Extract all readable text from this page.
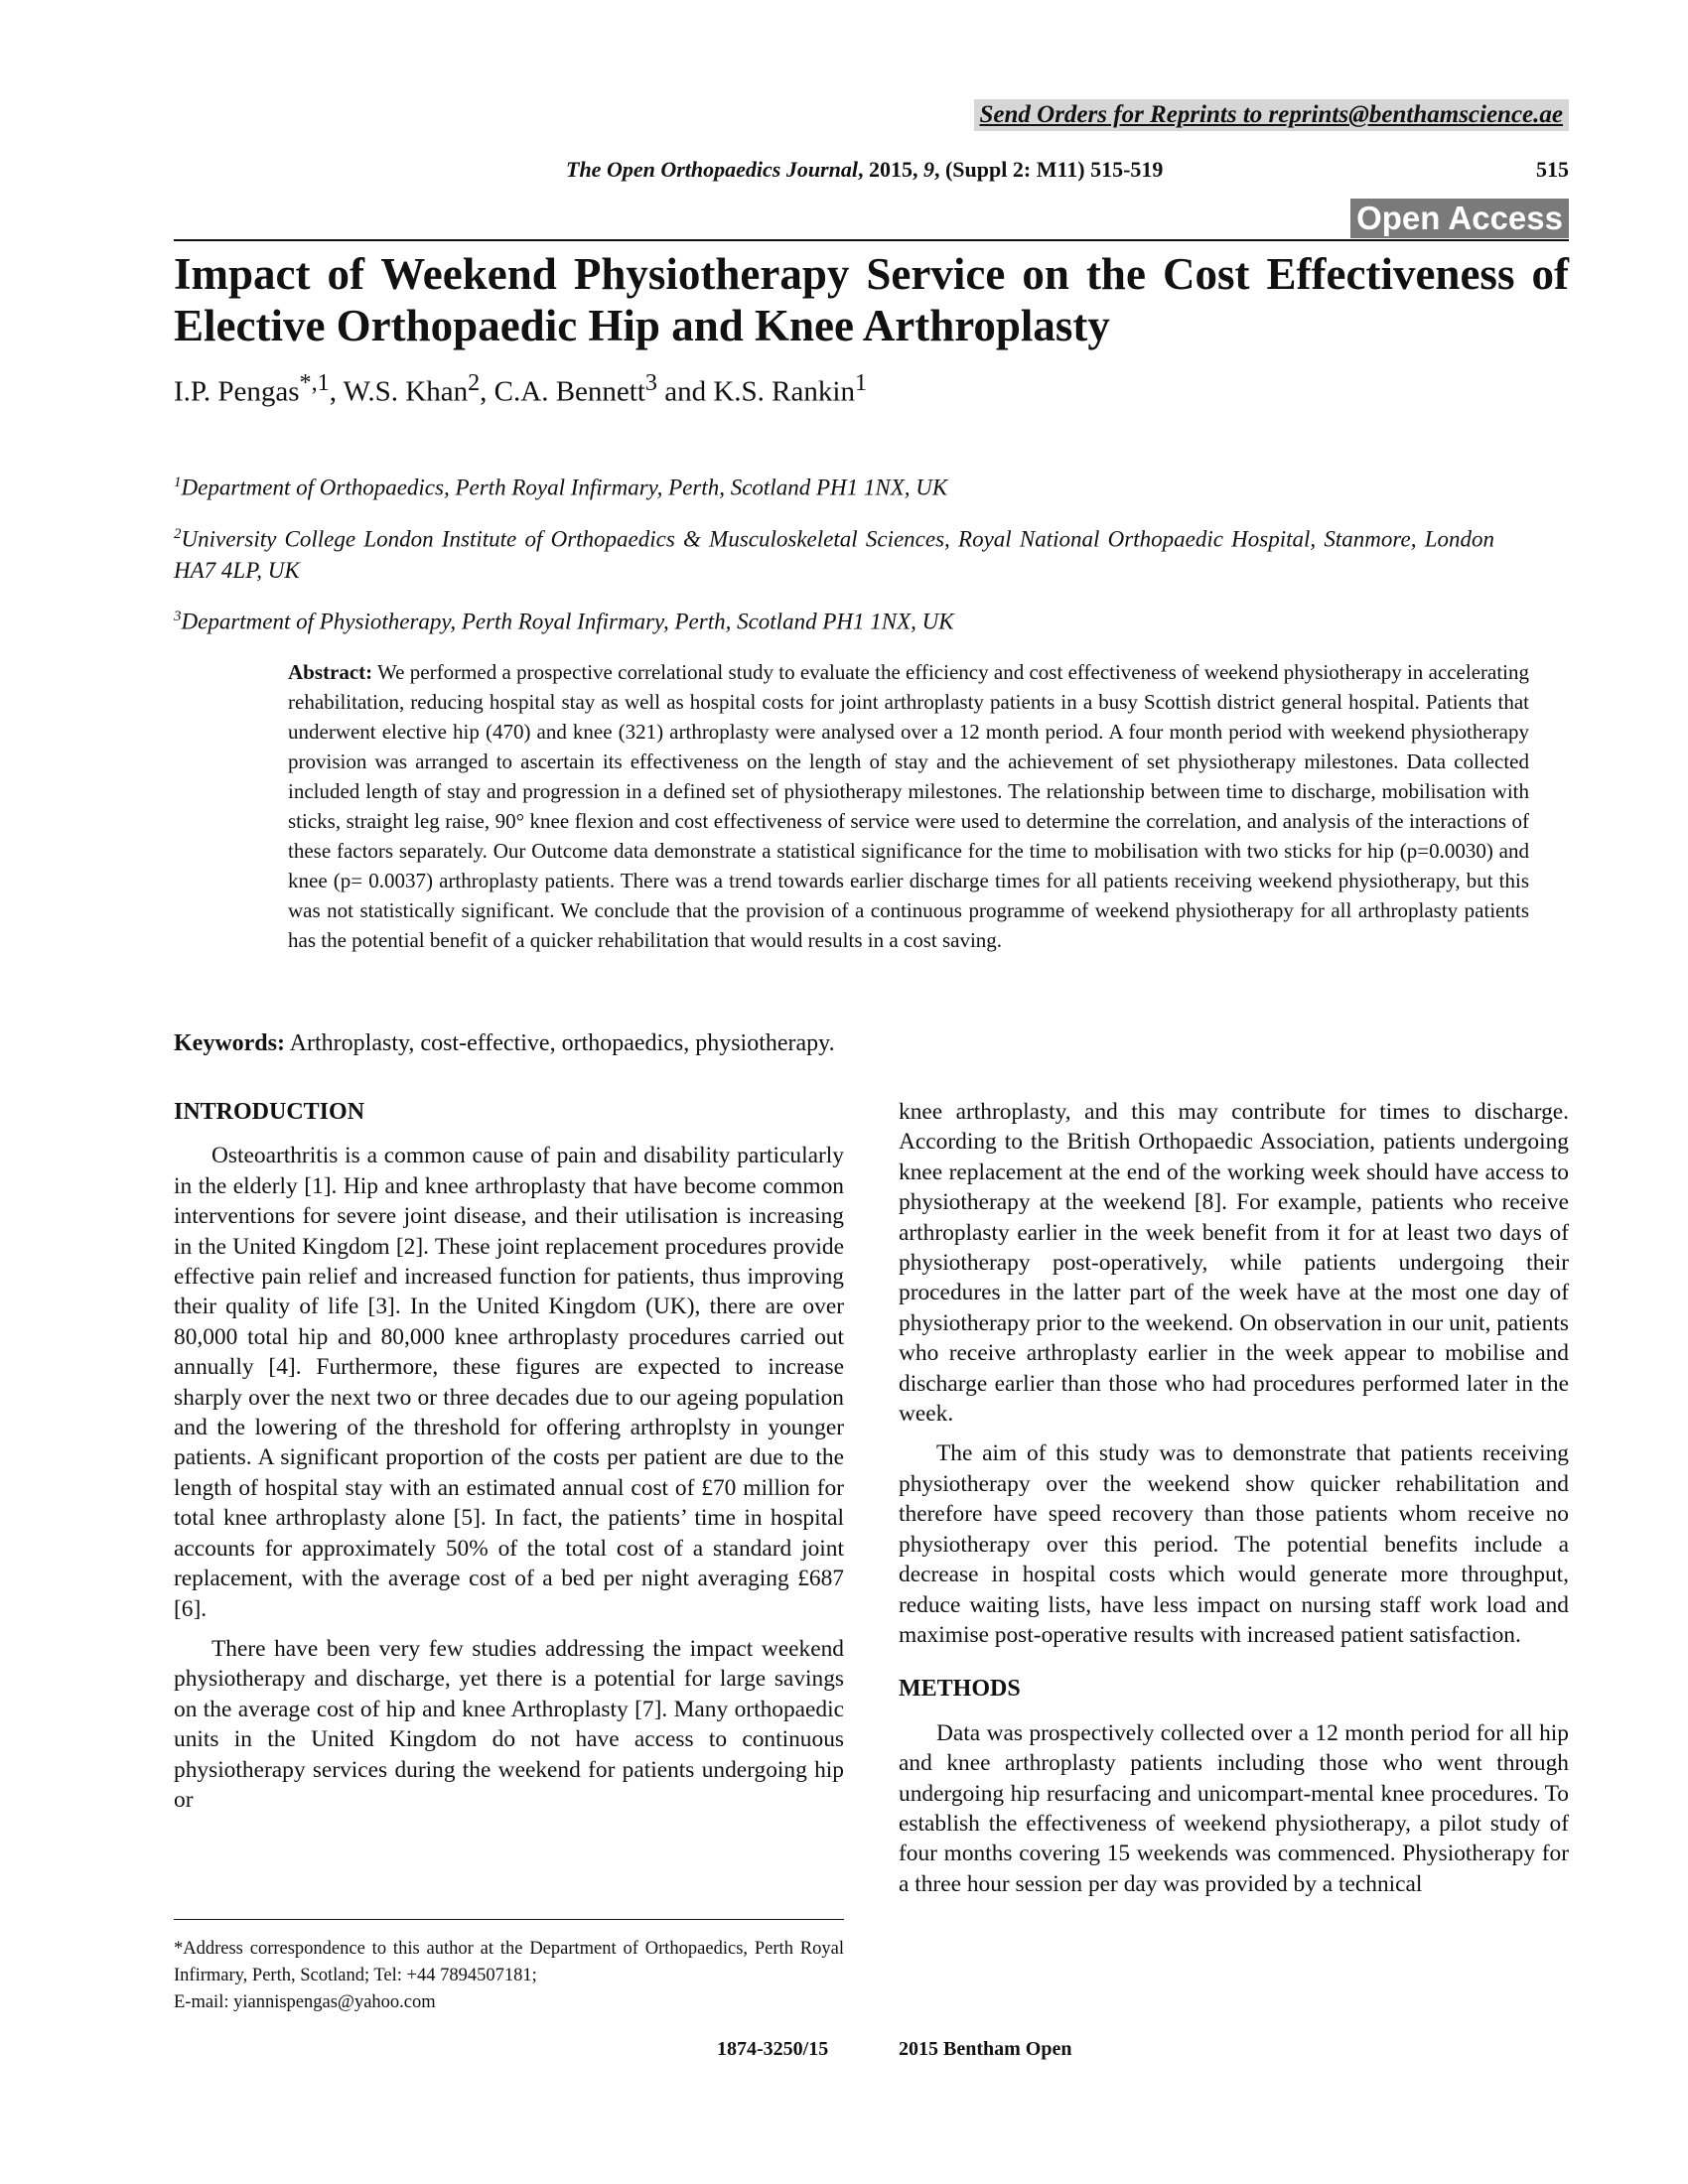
Send Orders for Reprints to reprints@benthamscience.ae
The Open Orthopaedics Journal, 2015, 9, (Suppl 2: M11) 515-519	515
Open Access
Impact of Weekend Physiotherapy Service on the Cost Effectiveness of Elective Orthopaedic Hip and Knee Arthroplasty
I.P. Pengas$^{*,1}$, W.S. Khan$^2$, C.A. Bennett$^3$ and K.S. Rankin$^1$

$^1$Department of Orthopaedics, Perth Royal Infirmary, Perth, Scotland PH1 1NX, UK

$^2$University College London Institute of Orthopaedics & Musculoskeletal Sciences, Royal National Orthopaedic Hospital, Stanmore, London HA7 4LP, UK

$^3$Department of Physiotherapy, Perth Royal Infirmary, Perth, Scotland PH1 1NX, UK

Abstract: We performed a prospective correlational study to evaluate the efficiency and cost effectiveness of weekend physiotherapy in accelerating rehabilitation, reducing hospital stay as well as hospital costs for joint arthroplasty patients in a busy Scottish district general hospital. Patients that underwent elective hip (470) and knee (321) arthroplasty were analysed over a 12 month period. A four month period with weekend physiotherapy provision was arranged to ascertain its effectiveness on the length of stay and the achievement of set physiotherapy milestones. Data collected included length of stay and progression in a defined set of physiotherapy milestones. The relationship between time to discharge, mobilisation with sticks, straight leg raise, 90° knee flexion and cost effectiveness of service were used to determine the correlation, and analysis of the interactions of these factors separately. Our Outcome data demonstrate a statistical significance for the time to mobilisation with two sticks for hip (p=0.0030) and knee (p= 0.0037) arthroplasty patients. There was a trend towards earlier discharge times for all patients receiving weekend physiotherapy, but this was not statistically significant. We conclude that the provision of a continuous programme of weekend physiotherapy for all arthroplasty patients has the potential benefit of a quicker rehabilitation that would results in a cost saving.

Keywords: Arthroplasty, cost-effective, orthopaedics, physiotherapy.
INTRODUCTION

Osteoarthritis is a common cause of pain and disability particularly in the elderly [1]. Hip and knee arthroplasty that have become common interventions for severe joint disease, and their utilisation is increasing in the United Kingdom [2]. These joint replacement procedures provide effective pain relief and increased function for patients, thus improving their quality of life [3]. In the United Kingdom (UK), there are over 80,000 total hip and 80,000 knee arthroplasty procedures carried out annually [4]. Furthermore, these figures are expected to increase sharply over the next two or three decades due to our ageing population and the lowering of the threshold for offering arthroplsty in younger patients. A significant proportion of the costs per patient are due to the length of hospital stay with an estimated annual cost of £70 million for total knee arthroplasty alone [5]. In fact, the patients’ time in hospital accounts for approximately 50% of the total cost of a standard joint replacement, with the average cost of a bed per night averaging £687 [6].

There have been very few studies addressing the impact weekend physiotherapy and discharge, yet there is a potential for large savings on the average cost of hip and knee Arthroplasty [7]. Many orthopaedic units in the United Kingdom do not have access to continuous physiotherapy services during the weekend for patients undergoing hip or

knee arthroplasty, and this may contribute for times to discharge. According to the British Orthopaedic Association, patients undergoing knee replacement at the end of the working week should have access to physiotherapy at the weekend [8]. For example, patients who receive arthroplasty earlier in the week benefit from it for at least two days of physiotherapy post-operatively, while patients undergoing their procedures in the latter part of the week have at the most one day of physiotherapy prior to the weekend. On observation in our unit, patients who receive arthroplasty earlier in the week appear to mobilise and discharge earlier than those who had procedures performed later in the week.

The aim of this study was to demonstrate that patients receiving physiotherapy over the weekend show quicker rehabilitation and therefore have speed recovery than those patients whom receive no physiotherapy over this period. The potential benefits include a decrease in hospital costs which would generate more throughput, reduce waiting lists, have less impact on nursing staff work load and maximise post-operative results with increased patient satisfaction.

METHODS

Data was prospectively collected over a 12 month period for all hip and knee arthroplasty patients including those who went through undergoing hip resurfacing and unicompart-mental knee procedures. To establish the effectiveness of weekend physiotherapy, a pilot study of four months covering 15 weekends was commenced. Physiotherapy for a three hour session per day was provided by a technical

*Address correspondence to this author at the Department of Orthopaedics, Perth Royal Infirmary, Perth, Scotland; Tel: +44 7894507181;

E-mail: yiannispengas@yahoo.com

1874-3250/15	2015 Bentham Open
